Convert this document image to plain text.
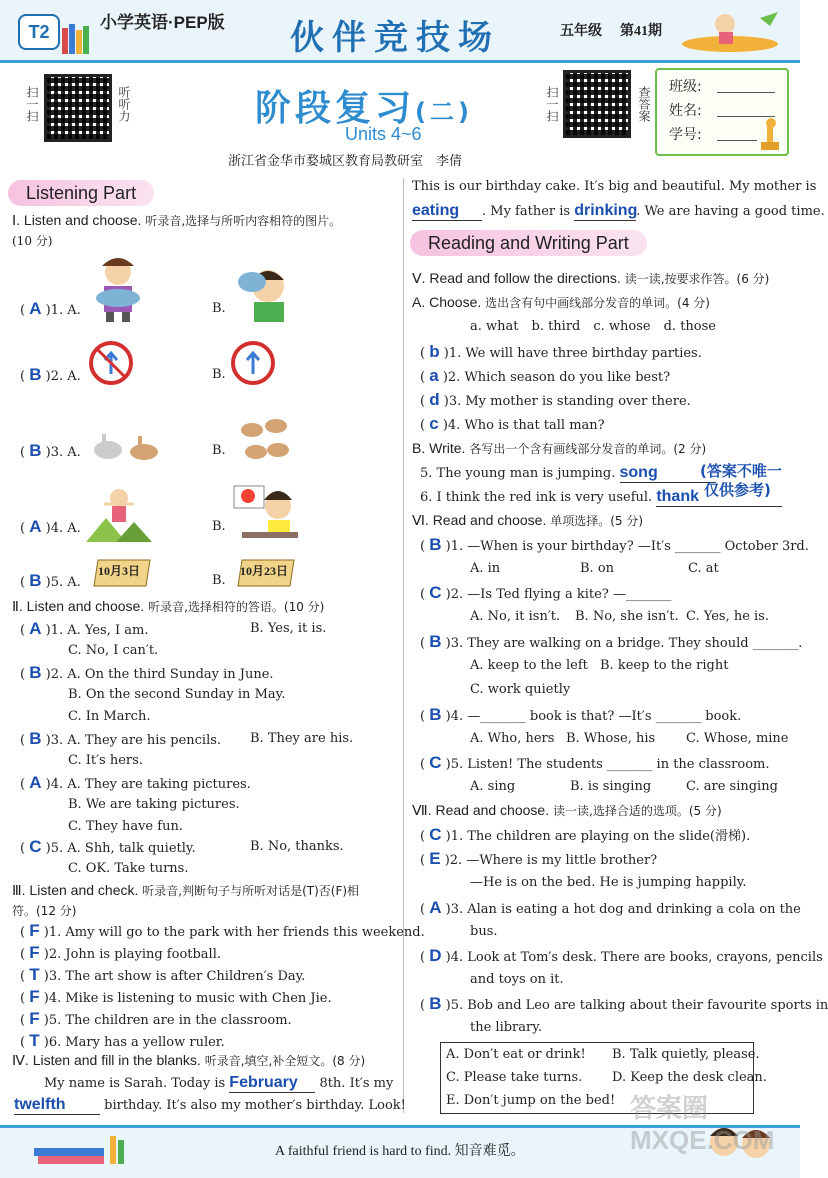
T2	小学英语·PEP版 伙伴竞技场	五年级 第41期
扫一扫	听听力	阶段复习(二)
Units 4~6
浙江省金华市婺城区教育局教研室　李倩
扫一扫	查答案 班级:
姓名:
学号:
Listening Part
Ⅰ. Listen and choose. 听录音,选择与所听内容相符的图片。
(10 分)
( A )1. A.	B.
( B )2. A.	B.
( B )3. A.	B.
( A )4. A.	B.
( B )5. A.	B.
10月3日	10月23日
Ⅱ. Listen and choose. 听录音,选择相符的答语。(10 分)
( A )1. A. Yes, I am.	B. Yes, it is.
C. No, I can′t.
( B )2. A. On the third Sunday in June.
B. On the second Sunday in May.
C. In March.
( B )3. A. They are his pencils. B. They are his.
C. It′s hers.
( A )4. A. They are taking pictures.
B. We are taking pictures.
C. They have fun.
( C )5. A. Shh, talk quietly.	B. No, thanks.
C. OK. Take turns.
Ⅲ. Listen and check. 听录音,判断句子与所听对话是(T)否(F)相
符。(12 分)
( F )1. Amy will go to the park with her friends this weekend.
( F )2. John is playing football.
( T )3. The art show is after Children′s Day.
( F )4. Mike is listening to music with Chen Jie.
( F )5. The children are in the classroom.
( T )6. Mary has a yellow ruler.
Ⅳ. Listen and fill in the blanks. 听录音,填空,补全短文。(8 分)
My name is Sarah. Today is February 8th. It′s my
twelfth	birthday. It′s also my mother′s birthday. Look!
This is our birthday cake. It′s big and beautiful. My mother is
eating . My father is drinking. We are having a good time.
Reading and Writing Part
Ⅴ. Read and follow the directions. 读一读,按要求作答。(6 分)
A. Choose. 选出含有句中画线部分发音的单词。(4 分)
a. what　b. third　c. whose　d. those
( b )1. We will have three birthday parties.
( a )2. Which season do you like best?
( d )3. My mother is standing over there.
( c )4. Who is that tall man?
B. Write. 各写出一个含有画线部分发音的单词。(2 分)
5. The young man is jumping. song
6. I think the red ink is very useful. thank
(答案不唯一
仅供参考)
Ⅵ. Read and choose. 单项选择。(5 分)
( B )1. —When is your birthday? —It′s _______ October 3rd.
A. in	B. on	C. at
( C )2. —Is Ted flying a kite? —_______
A. No, it isn′t. B. No, she isn′t. C. Yes, he is.
( B )3. They are walking on a bridge. They should _______.
A. keep to the left B. keep to the right
C. work quietly
( B )4. —_______ book is that? —It′s _______ book.
A. Who, hers B. Whose, his C. Whose, mine
( C )5. Listen! The students _______ in the classroom.
A. sing	B. is singing	C. are singing
Ⅶ. Read and choose. 读一读,选择合适的选项。(5 分)
( C )1. The children are playing on the slide(滑梯).
( E )2. —Where is my little brother?
—He is on the bed. He is jumping happily.
( A )3. Alan is eating a hot dog and drinking a cola on the
bus.
( D )4. Look at Tom′s desk. There are books, crayons, pencils
and toys on it.
( B )5. Bob and Leo are talking about their favourite sports in
the library.
A. Don′t eat or drink! B. Talk quietly, please.
C. Please take turns. D. Keep the desk clean.
E. Don′t jump on the bed!
A faithful friend is hard to find. 知音难觅。
答案圈 MXQE.COM
